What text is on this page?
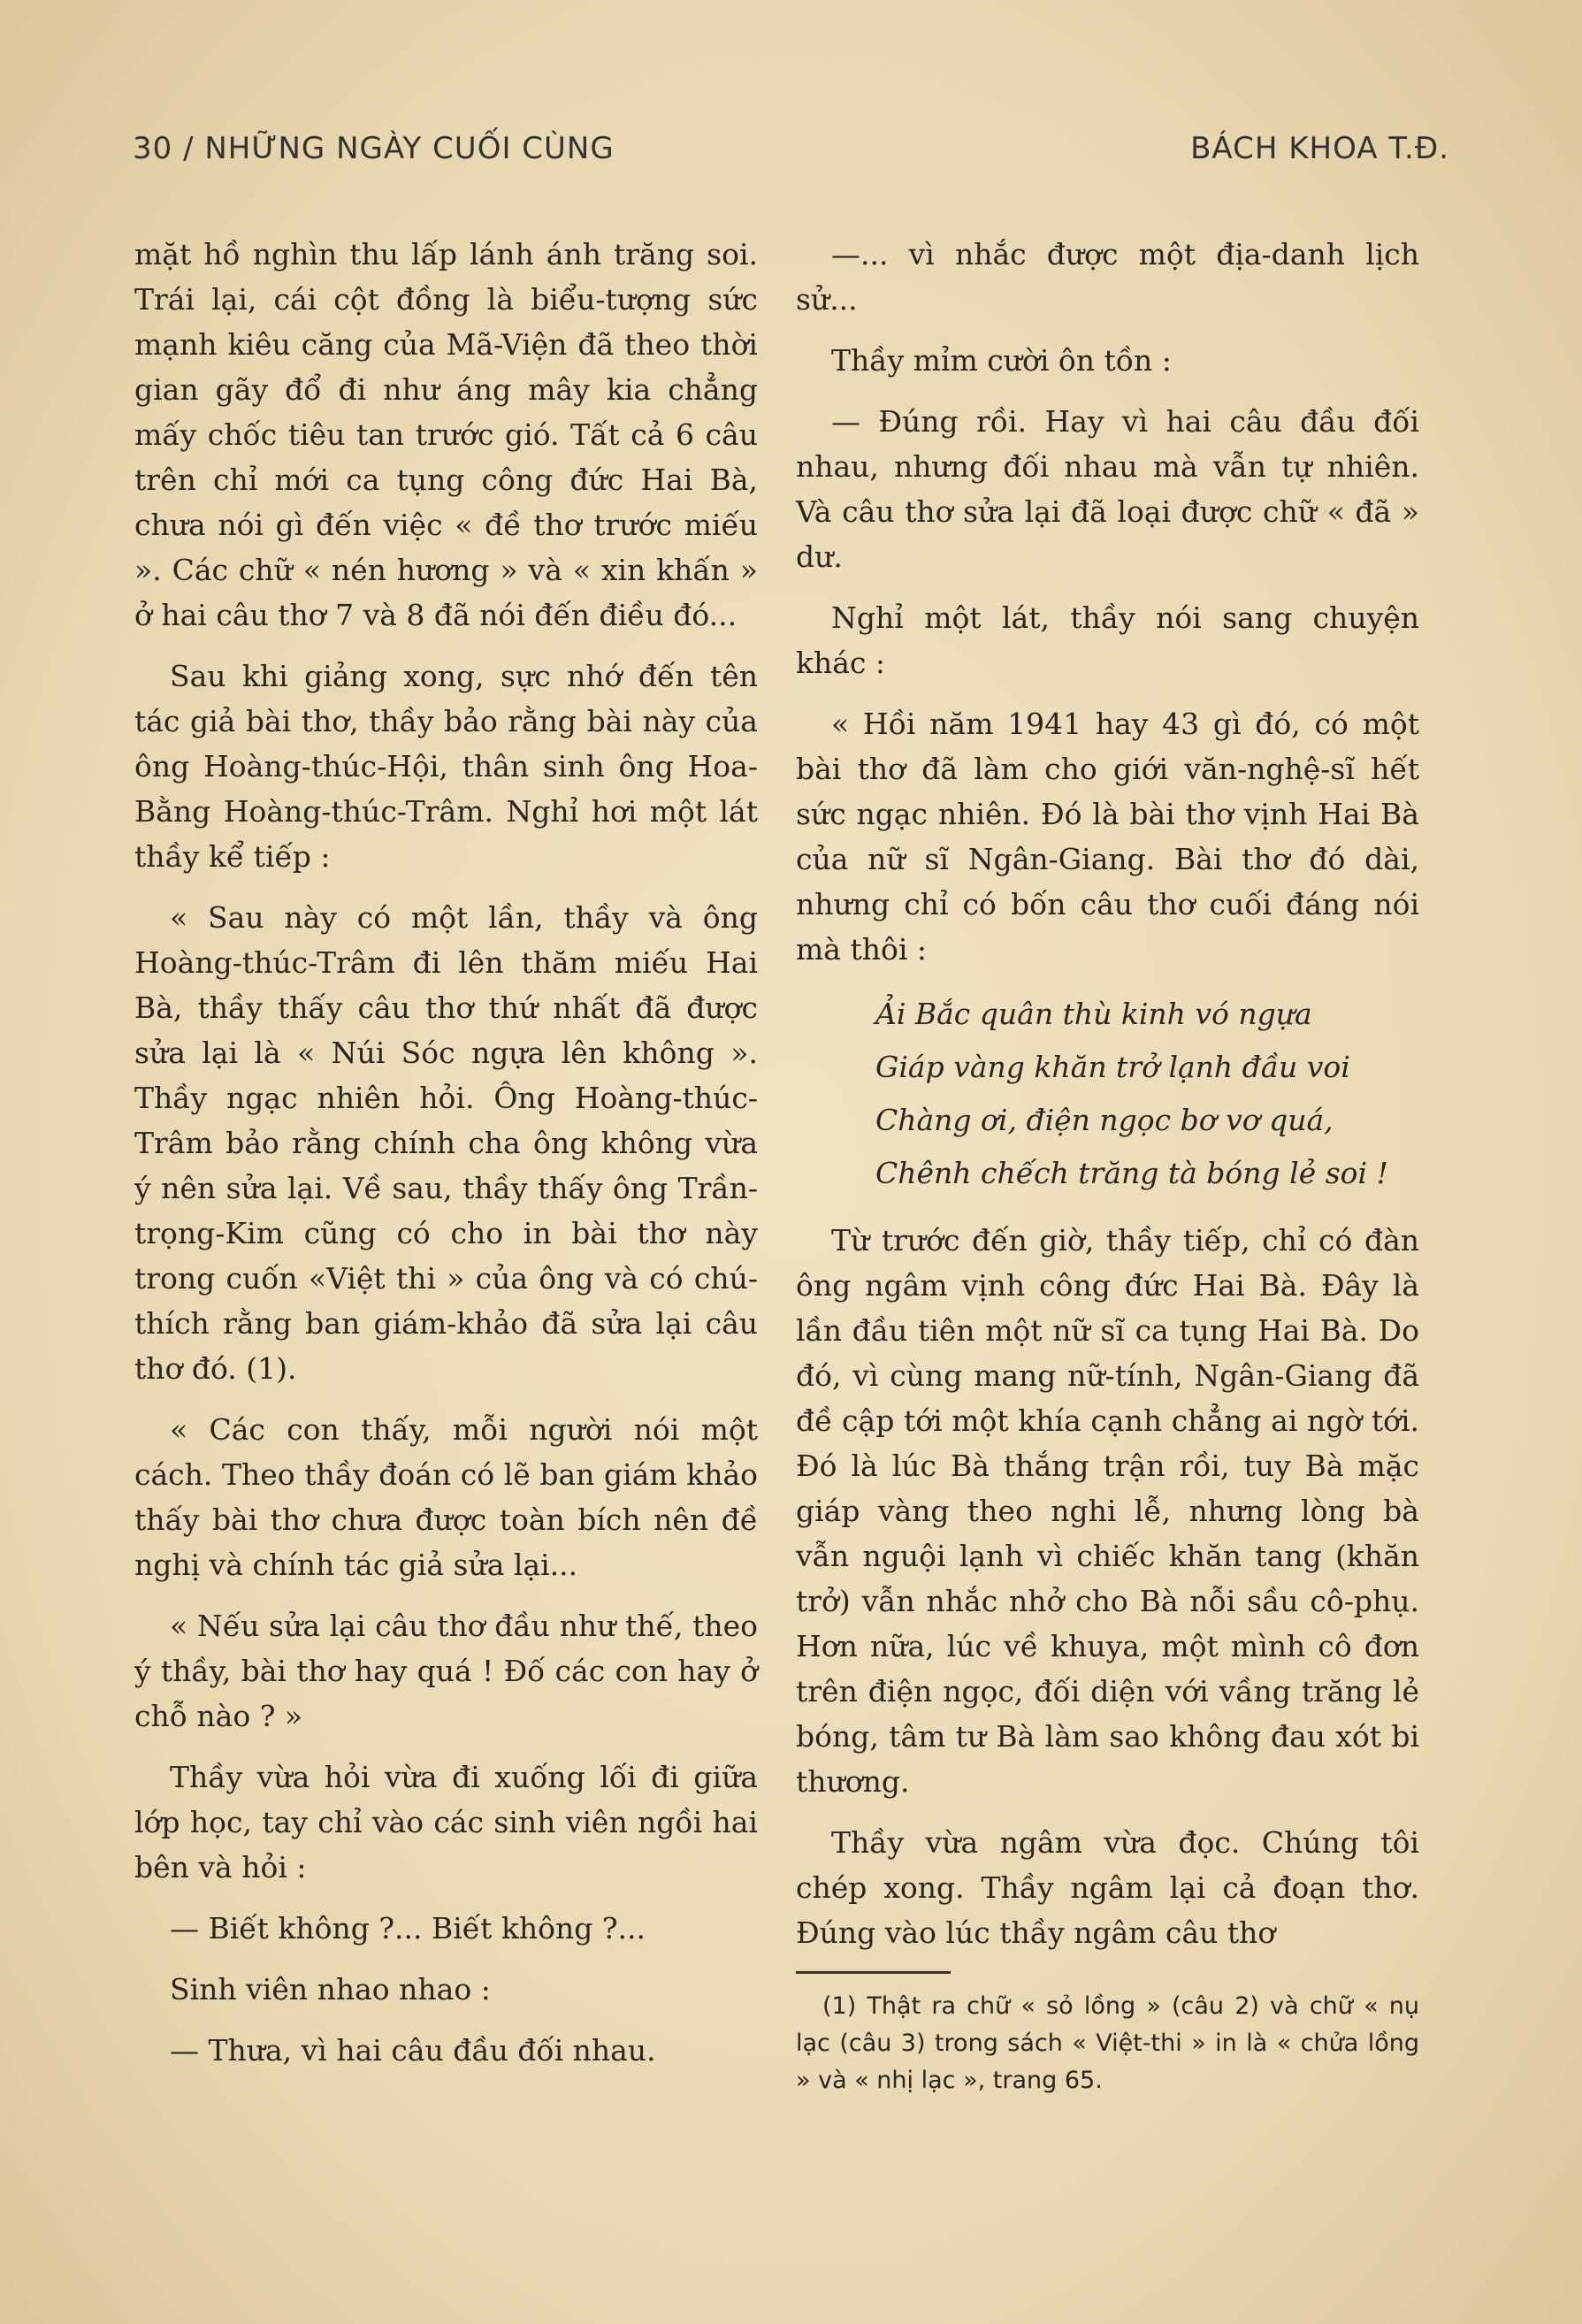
30 / NHỮNG NGÀY CUỐI CÙNG	BÁCH KHOA T.Đ.

mặt hồ nghìn thu lấp lánh ánh trăng soi. Trái lại, cái cột đồng là biểu-tượng sức mạnh kiêu căng của Mã-Viện đã theo thời gian gãy đổ đi như áng mây kia chẳng mấy chốc tiêu tan trước gió. Tất cả 6 câu trên chỉ mới ca tụng công đức Hai Bà, chưa nói gì đến việc « đề thơ trước miếu ». Các chữ « nén hương » và « xin khấn » ở hai câu thơ 7 và 8 đã nói đến điều đó...

Sau khi giảng xong, sực nhớ đến tên tác giả bài thơ, thầy bảo rằng bài này của ông Hoàng-thúc-Hội, thân sinh ông Hoa-Bằng Hoàng-thúc-Trâm. Nghỉ hơi một lát thầy kể tiếp :

« Sau này có một lần, thầy và ông Hoàng-thúc-Trâm đi lên thăm miếu Hai Bà, thầy thấy câu thơ thứ nhất đã được sửa lại là « Núi Sóc ngựa lên không ». Thầy ngạc nhiên hỏi. Ông Hoàng-thúc-Trâm bảo rằng chính cha ông không vừa ý nên sửa lại. Về sau, thầy thấy ông Trần-trọng-Kim cũng có cho in bài thơ này trong cuốn «Việt thi » của ông và có chú-thích rằng ban giám-khảo đã sửa lại câu thơ đó. (1).

« Các con thấy, mỗi người nói một cách. Theo thầy đoán có lẽ ban giám khảo thấy bài thơ chưa được toàn bích nên đề nghị và chính tác giả sửa lại...

« Nếu sửa lại câu thơ đầu như thế, theo ý thầy, bài thơ hay quá ! Đố các con hay ở chỗ nào ? »

Thầy vừa hỏi vừa đi xuống lối đi giữa lớp học, tay chỉ vào các sinh viên ngồi hai bên và hỏi :

— Biết không ?... Biết không ?...

Sinh viên nhao nhao :

— Thưa, vì hai câu đầu đối nhau.

—... vì nhắc được một địa-danh lịch sử...

Thầy mỉm cười ôn tồn :

— Đúng rồi. Hay vì hai câu đầu đối nhau, nhưng đối nhau mà vẫn tự nhiên. Và câu thơ sửa lại đã loại được chữ « đã » dư.

Nghỉ một lát, thầy nói sang chuyện khác :

« Hồi năm 1941 hay 43 gì đó, có một bài thơ đã làm cho giới văn-nghệ-sĩ hết sức ngạc nhiên. Đó là bài thơ vịnh Hai Bà của nữ sĩ Ngân-Giang. Bài thơ đó dài, nhưng chỉ có bốn câu thơ cuối đáng nói mà thôi :

Ải Bắc quân thù kinh vó ngựa
Giáp vàng khăn trở lạnh đầu voi
Chàng ơi, điện ngọc bơ vơ quá,
Chênh chếch trăng tà bóng lẻ soi !

Từ trước đến giờ, thầy tiếp, chỉ có đàn ông ngâm vịnh công đức Hai Bà. Đây là lần đầu tiên một nữ sĩ ca tụng Hai Bà. Do đó, vì cùng mang nữ-tính, Ngân-Giang đã đề cập tới một khía cạnh chẳng ai ngờ tới. Đó là lúc Bà thắng trận rồi, tuy Bà mặc giáp vàng theo nghi lễ, nhưng lòng bà vẫn nguội lạnh vì chiếc khăn tang (khăn trở) vẫn nhắc nhở cho Bà nỗi sầu cô-phụ. Hơn nữa, lúc về khuya, một mình cô đơn trên điện ngọc, đối diện với vầng trăng lẻ bóng, tâm tư Bà làm sao không đau xót bi thương.

Thầy vừa ngâm vừa đọc. Chúng tôi chép xong. Thầy ngâm lại cả đoạn thơ. Đúng vào lúc thầy ngâm câu thơ

(1) Thật ra chữ « sỏ lồng » (câu 2) và chữ « nụ lạc (câu 3) trong sách « Việt-thi » in là « chửa lồng » và « nhị lạc », trang 65.
